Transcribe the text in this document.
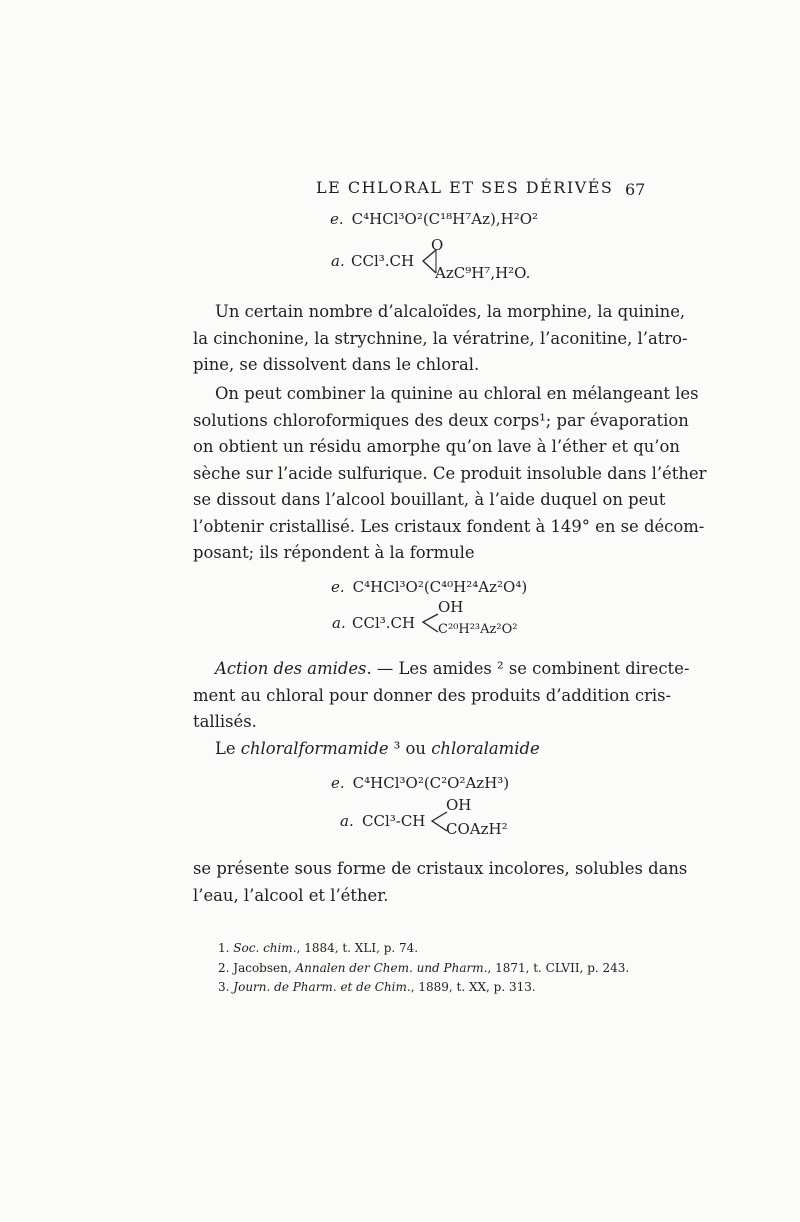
LE CHLORAL ET SES DÉRIVÉS 67
e. C⁴HCl³O²(C¹⁸H⁷Az),H²O²
a. CCl³.CH
O
AzC⁹H⁷,H²O.
Un certain nombre d’alcaloïdes, la morphine, la quinine,
la cinchonine, la strychnine, la vératrine, l’aconitine, l’atro-
pine, se dissolvent dans le chloral.
On peut combiner la quinine au chloral en mélangeant les
solutions chloroformiques des deux corps¹; par évaporation
on obtient un résidu amorphe qu’on lave à l’éther et qu’on
sèche sur l’acide sulfurique. Ce produit insoluble dans l’éther
se dissout dans l’alcool bouillant, à l’aide duquel on peut
l’obtenir cristallisé. Les cristaux fondent à 149° en se décom-
posant; ils répondent à la formule
e. C⁴HCl³O²(C⁴⁰H²⁴Az²O⁴)
a. CCl³.CH
OH
C²⁰H²³Az²O²
Action des amides. — Les amides ² se combinent directe-
ment au chloral pour donner des produits d’addition cris-
tallisés.
Le chloralformamide ³ ou chloralamide
e. C⁴HCl³O²(C²O²AzH³)
a. CCl³-CH
OH
COAzH²
se présente sous forme de cristaux incolores, solubles dans
l’eau, l’alcool et l’éther.
1. Soc. chim., 1884, t. XLI, p. 74.
2. Jacobsen, Annalen der Chem. und Pharm., 1871, t. CLVII, p. 243.
3. Journ. de Pharm. et de Chim., 1889, t. XX, p. 313.
